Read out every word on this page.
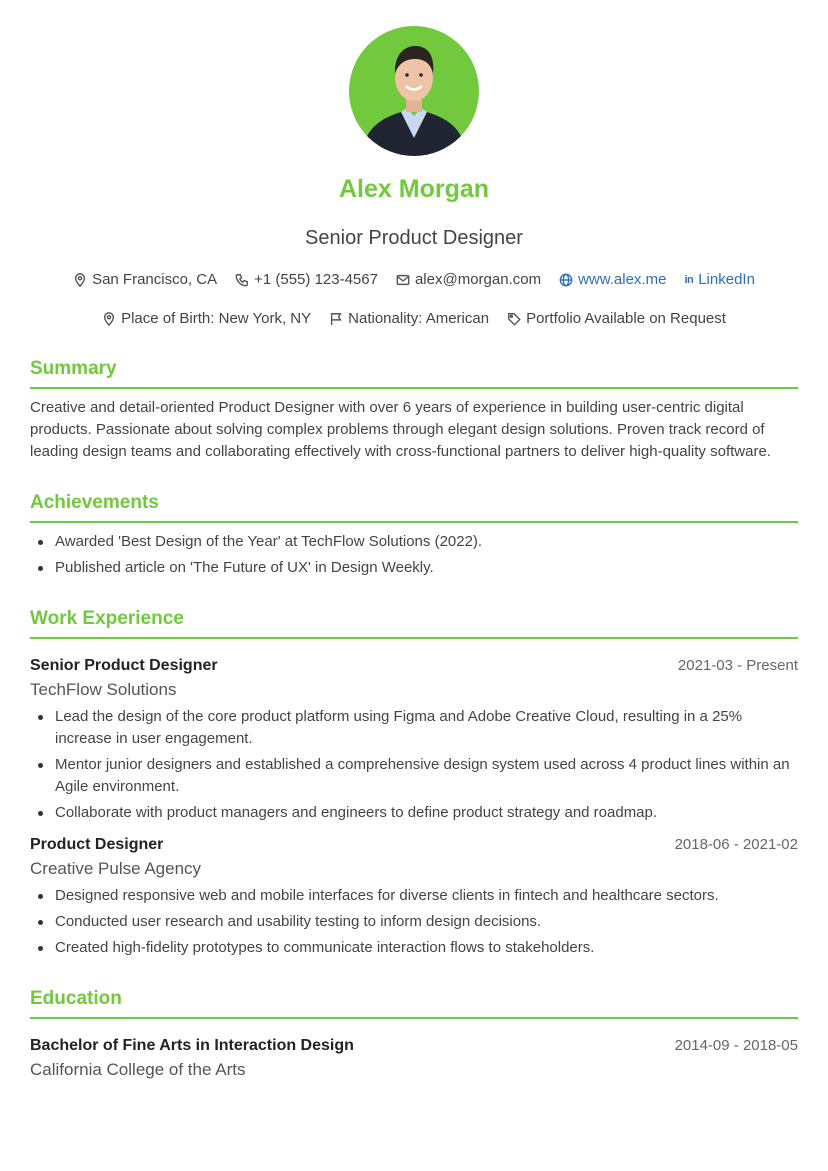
Alex Morgan
Senior Product Designer
San Francisco, CA +1 (555) 123-4567 alex@morgan.com www.alex.me in LinkedIn
Place of Birth: New York, NY Nationality: American Portfolio Available on Request
Summary

Creative and detail-oriented Product Designer with over 6 years of experience in building user-centric digital products. Passionate about solving complex problems through elegant design solutions. Proven track record of leading design teams and collaborating effectively with cross-functional partners to deliver high-quality software.

Achievements
Awarded 'Best Design of the Year' at TechFlow Solutions (2022).
Published article on 'The Future of UX' in Design Weekly.
Work Experience
Senior Product Designer	2021-03 - Present
TechFlow Solutions
Lead the design of the core product platform using Figma and Adobe Creative Cloud, resulting in a 25% increase in user engagement.
Mentor junior designers and established a comprehensive design system used across 4 product lines within an Agile environment.
Collaborate with product managers and engineers to define product strategy and roadmap.
Product Designer	2018-06 - 2021-02
Creative Pulse Agency
Designed responsive web and mobile interfaces for diverse clients in fintech and healthcare sectors.
Conducted user research and usability testing to inform design decisions.
Created high-fidelity prototypes to communicate interaction flows to stakeholders.
Education
Bachelor of Fine Arts in Interaction Design	2014-09 - 2018-05
California College of the Arts
